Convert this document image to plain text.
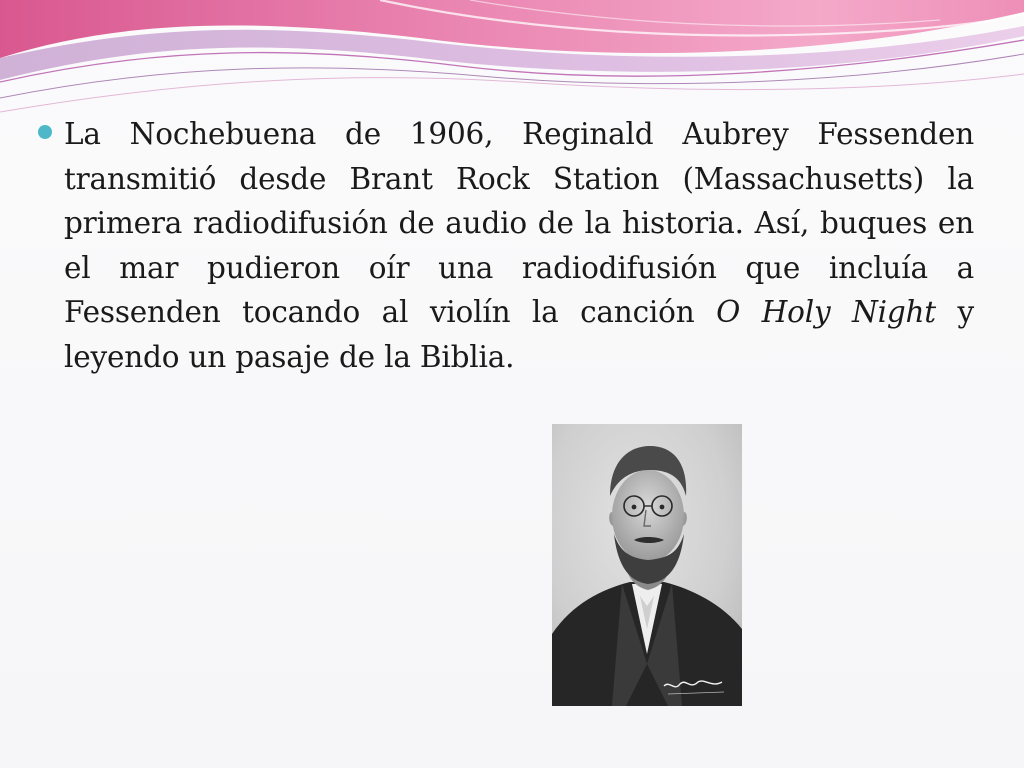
La Nochebuena de 1906, Reginald Aubrey Fessenden transmitió desde Brant Rock Station (Massachusetts) la primera radiodifusión de audio de la historia. Así, buques en el mar pudieron oír una radiodifusión que incluía a Fessenden tocando al violín la canción O Holy Night y leyendo un pasaje de la Biblia.
